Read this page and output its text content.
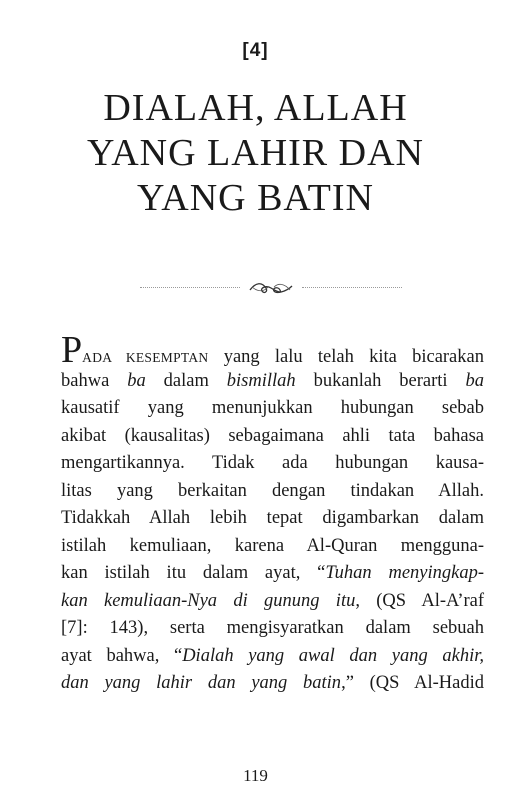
[4]
DIALAH, ALLAH
YANG LAHIR DAN
YANG BATIN
PADA KESEMPTAN yang lalu telah kita bicarakan
bahwa ba dalam bismillah bukanlah berarti ba
kausatif yang menunjukkan hubungan sebab
akibat (kausalitas) sebagaimana ahli tata bahasa
mengartikannya. Tidak ada hubungan kausa-
litas yang berkaitan dengan tindakan Allah.
Tidakkah Allah lebih tepat digambarkan dalam
istilah kemuliaan, karena Al-Quran mengguna-
kan istilah itu dalam ayat, “Tuhan menyingkap-
kan kemuliaan-Nya di gunung itu, (QS Al-A’raf
[7]: 143), serta mengisyaratkan dalam sebuah
ayat bahwa, “Dialah yang awal dan yang akhir,
dan yang lahir dan yang batin,” (QS Al-Hadid
119
